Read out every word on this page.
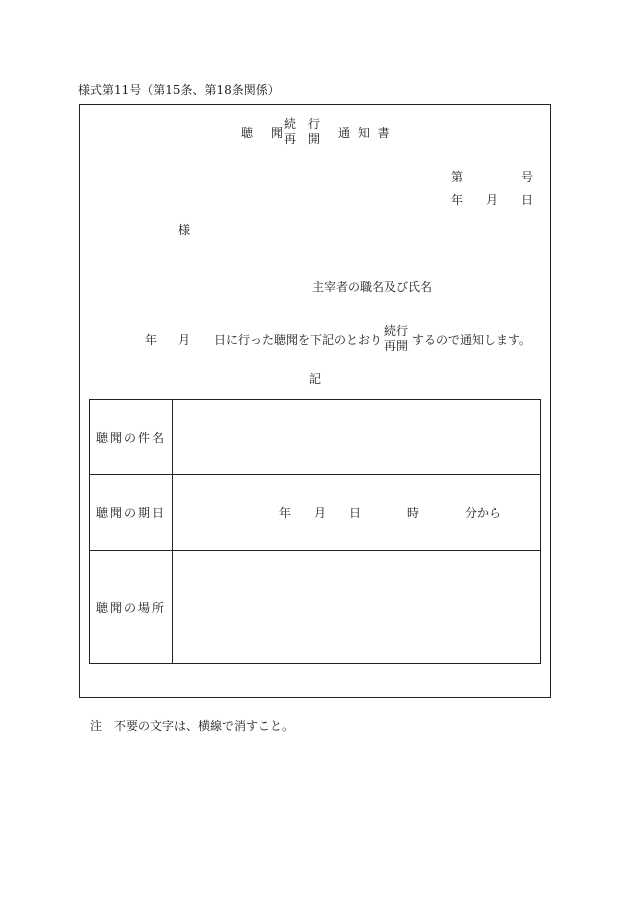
様式第11号（第15条、第18条関係）
聴　聞
続　行
再　開 通 知 書
第	号
年 月 日
様
主宰者の職名及び氏名
年 月 日に行った聴聞を下記のとおり
続行
再開 するので通知します。
記
聴聞の件名	
聴聞の期日	年 月 日 時 分から

聴聞の場所	
注　不要の文字は、横線で消すこと。
